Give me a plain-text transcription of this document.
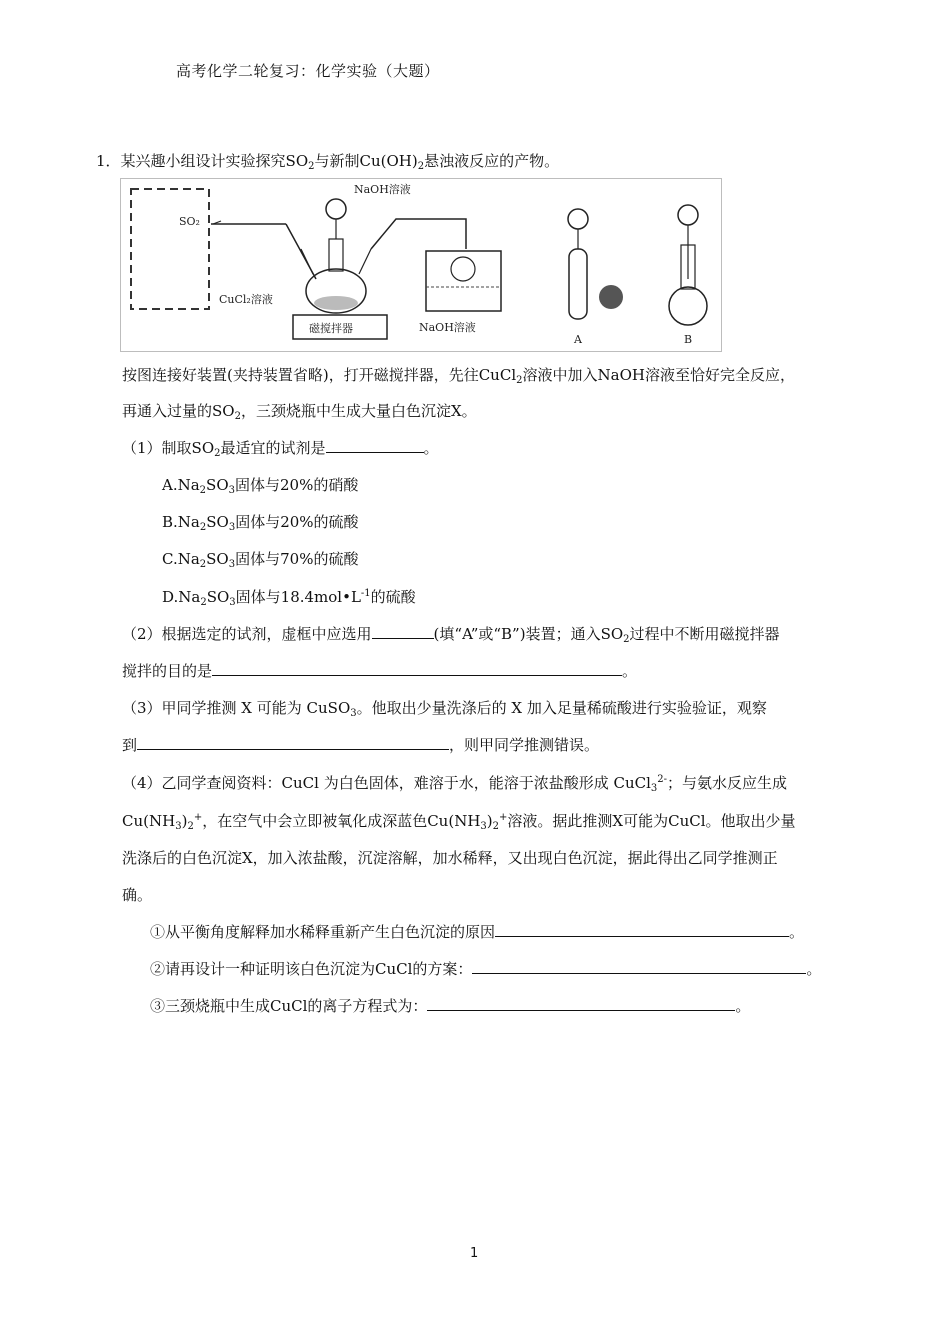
高考化学二轮复习：化学实验（大题）
1．某兴趣小组设计实验探究$SO_2$与新制$Cu(OH)_2$悬浊液反应的产物。
SO₂
NaOH溶液
NaOH溶液
CuCl₂溶液
磁搅拌器
A	B
按图连接好装置(夹持装置省略)，打开磁搅拌器，先往CuCl$_2$溶液中加入NaOH溶液至恰好完全反应，
再通入过量的$SO_2$，三颈烧瓶中生成大量白色沉淀X。
（1）制取$SO_2$最适宜的试剂是	。
$A.Na_2SO_3$固体与20%的硝酸
$B.Na_2SO_3$固体与20%的硫酸
$C.Na_2SO_3$固体与70%的硫酸
$D.Na_2SO_3$固体与$18.4mol•L^{-1}$的硫酸
（2）根据选定的试剂，虚框中应选用	(填“A”或“B”)装置；通入$SO_2$过程中不断用磁搅拌器
搅拌的目的是	。
（3）甲同学推测 X 可能为 CuSO$_3$。他取出少量洗涤后的 X 加入足量稀硫酸进行实验验证，观察
到	，则甲同学推测错误。
（4）乙同学查阅资料：CuCl 为白色固体，难溶于水，能溶于浓盐酸形成 CuCl$_3^{2-}$；与氨水反应生成
$Cu(NH_3)_2^+$，在空气中会立即被氧化成深蓝色$Cu(NH_3)_2^+$溶液。据此推测X可能为CuCl。他取出少量
洗涤后的白色沉淀X，加入浓盐酸，沉淀溶解，加水稀释，又出现白色沉淀，据此得出乙同学推测正
确。
①从平衡角度解释加水稀释重新产生白色沉淀的原因	。
②请再设计一种证明该白色沉淀为CuCl的方案：	。
③三颈烧瓶中生成CuCl的离子方程式为：	。
1
